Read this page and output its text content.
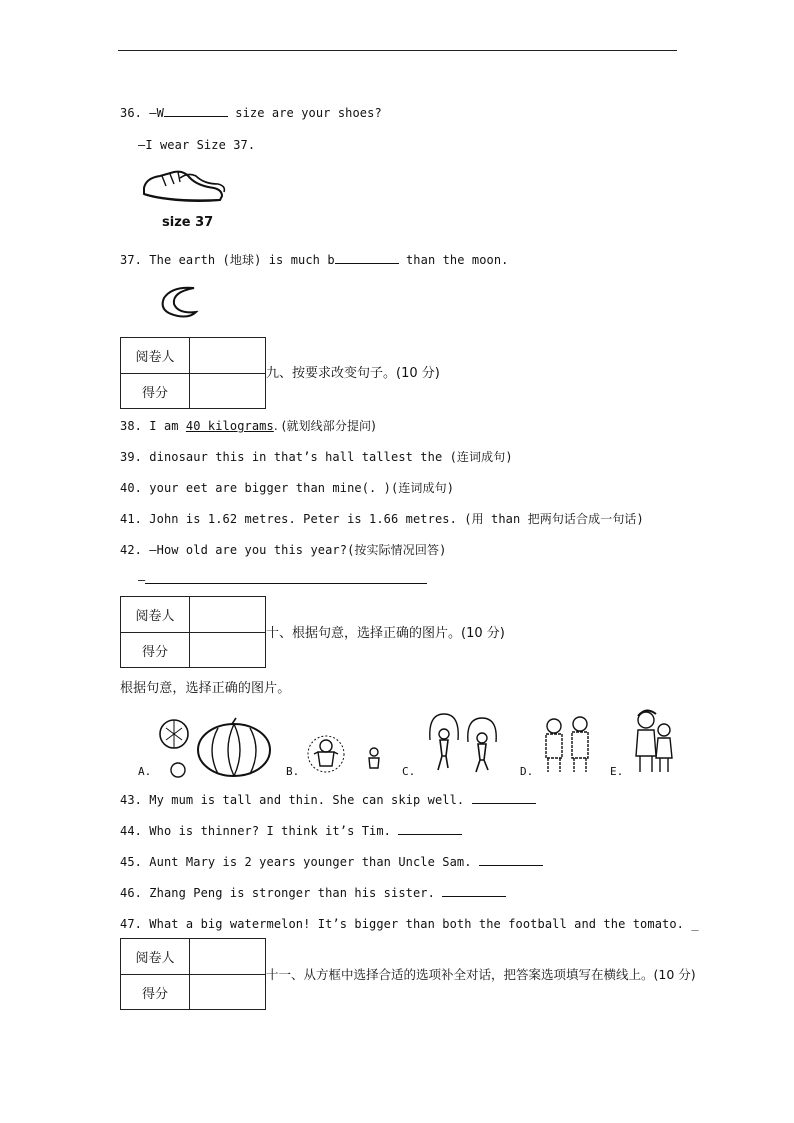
36. —W	size are your shoes?
—I wear Size 37.
size 37
37. The earth (地球) is much b	than the moon.
阅卷人
得分
九、按要求改变句子。(10 分)
38. I am 40 kilograms. (就划线部分提问)
39. dinosaur this in that’s hall tallest the (连词成句)
40. your eet are bigger than mine(. )(连词成句)
41. John is 1.62 metres. Peter is 1.66 metres. (用 than 把两句话合成一句话)
42. —How old are you this year?(按实际情况回答)
—
阅卷人
得分
十、根据句意，选择正确的图片。(10 分)
根据句意，选择正确的图片。
A.	B.	C.	D.	E.
43. My mum is tall and thin. She can skip well.
44. Who is thinner? I think it’s Tim.
45. Aunt Mary is 2 years younger than Uncle Sam.
46. Zhang Peng is stronger than his sister.
47. What a big watermelon! It’s bigger than both the football and the tomato. _
阅卷人
得分
十一、从方框中选择合适的选项补全对话，把答案选项填写在横线上。(10 分)
